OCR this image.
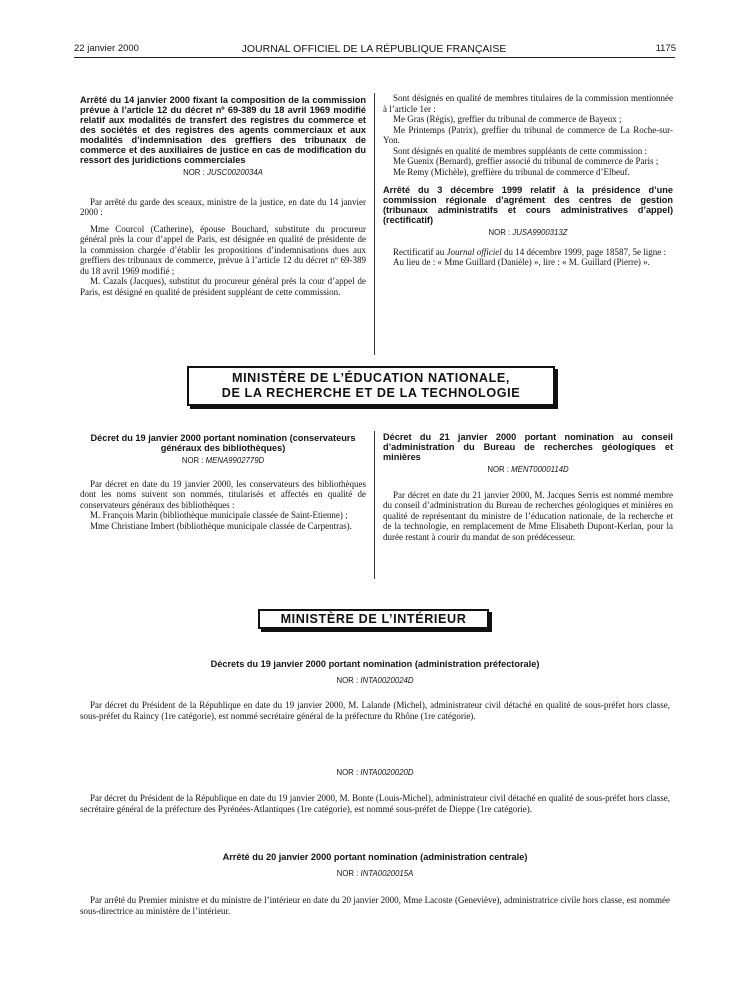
22 janvier 2000	JOURNAL OFFICIEL DE LA RÉPUBLIQUE FRANÇAISE	1175
Arrêté du 14 janvier 2000 fixant la composition de la commission prévue à l’article 12 du décret nº 69-389 du 18 avril 1969 modifié relatif aux modalités de transfert des registres du commerce et des sociétés et des registres des agents commerciaux et aux modalités d’indemnisation des greffiers des tribunaux de commerce et des auxiliaires de justice en cas de modification du ressort des juridictions commerciales
NOR : JUSC0020034A

Par arrêté du garde des sceaux, ministre de la justice, en date du 14 janvier 2000 :

Mme Courcol (Catherine), épouse Bouchard, substitute du procureur général près la cour d’appel de Paris, est désignée en qualité de présidente de la commission chargée d’établir les propositions d’indemnisations dues aux greffiers des tribunaux de commerce, prévue à l’article 12 du décret nº 69-389 du 18 avril 1969 modifié ;

M. Cazals (Jacques), substitut du procureur général près la cour d’appel de Paris, est désigné en qualité de président suppléant de cette commission.

Sont désignés en qualité de membres titulaires de la commission mentionnée à l’article 1er :

Me Gras (Régis), greffier du tribunal de commerce de Bayeux ;

Me Printemps (Patrix), greffier du tribunal de commerce de La Roche-sur-Yon.

Sont désignés en qualité de membres suppléants de cette commission :

Me Guenix (Bernard), greffier associé du tribunal de commerce de Paris ;

Me Remy (Michèle), greffière du tribunal de commerce d’Elbeuf.

Arrêté du 3 décembre 1999 relatif à la présidence d’une commission régionale d’agrément des centres de gestion (tribunaux administratifs et cours administratives d’appel) (rectificatif)
NOR : JUSA9900313Z

Rectificatif au Journal officiel du 14 décembre 1999, page 18587, 5e ligne :

Au lieu de : « Mme Guillard (Danièle) », lire : « M. Guillard (Pierre) ».

MINISTÈRE DE L’ÉDUCATION NATIONALE,
DE LA RECHERCHE ET DE LA TECHNOLOGIE
Décret du 19 janvier 2000 portant nomination (conservateurs généraux des bibliothèques)
NOR : MENA9902779D

Par décret en date du 19 janvier 2000, les conservateurs des bibliothèques dont les noms suivent son nommés, titularisés et affectés en qualité de conservateurs généraux des bibliothèques :

M. François Marin (bibliothèque municipale classée de Saint-Etienne) ;

Mme Christiane Imbert (bibliothèque municipale classée de Carpentras).

Décret du 21 janvier 2000 portant nomination au conseil d’administration du Bureau de recherches géologiques et minières
NOR : MENT0000114D

Par décret en date du 21 janvier 2000, M. Jacques Serris est nommé membre du conseil d’administration du Bureau de recherches géologiques et minières en qualité de représentant du ministre de l’éducation nationale, de la recherche et de la technologie, en remplacement de Mme Elisabeth Dupont-Kerlan, pour la durée restant à courir du mandat de son prédécesseur.

MINISTÈRE DE L’INTÉRIEUR
Décrets du 19 janvier 2000 portant nomination (administration préfectorale)
NOR : INTA0020024D

Par décret du Président de la République en date du 19 janvier 2000, M. Lalande (Michel), administrateur civil détaché en qualité de sous-préfet hors classe, sous-préfet du Raincy (1re catégorie), est nommé secrétaire général de la préfecture du Rhône (1re catégorie).

NOR : INTA0020020D

Par décret du Président de la République en date du 19 janvier 2000, M. Bonte (Louis-Michel), administrateur civil détaché en qualité de sous-préfet hors classe, secrétaire général de la préfecture des Pyrénées-Atlantiques (1re catégorie), est nommé sous-préfet de Dieppe (1re catégorie).

Arrêté du 20 janvier 2000 portant nomination (administration centrale)
NOR : INTA0020015A

Par arrêté du Premier ministre et du ministre de l’intérieur en date du 20 janvier 2000, Mme Lacoste (Geneviève), administratrice civile hors classe, est nommée sous-directrice au ministère de l’intérieur.
